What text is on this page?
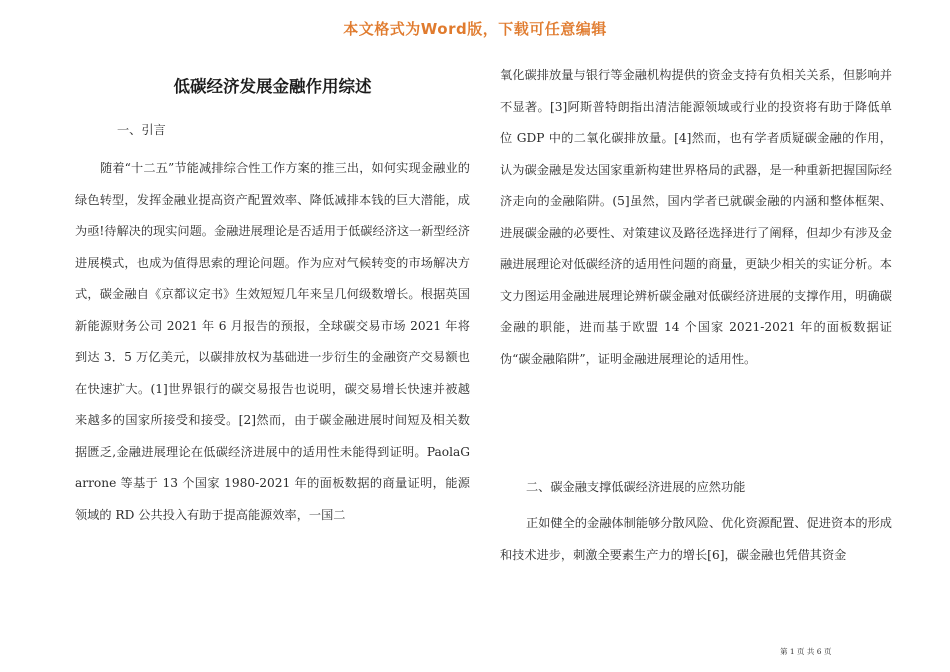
本文格式为Word版，下载可任意编辑
低碳经济发展金融作用综述
一、引言

随着“十二五”节能减排综合性工作方案的推三出，如何实现金融业的绿色转型，发挥金融业提高资产配置效率、降低减排本钱的巨大潜能，成为亟!待解决的现实问题。金融进展理论是否适用于低碳经济这一新型经济进展模式，也成为值得思索的理论问题。作为应对气候转变的市场解决方式，碳金融自《京都议定书》生效短短几年来呈几何级数增长。根据英国新能源财务公司 2021 年 6 月报告的预报，全球碳交易市场 2021 年将到达 3．5 万亿美元，以碳排放权为基础进一步衍生的金融资产交易额也在快速扩大。(1]世界银行的碳交易报告也说明，碳交易增长快速并被越来越多的国家所接受和接受。[2]然而，由于碳金融进展时间短及相关数据匮乏,金融进展理论在低碳经济进展中的适用性未能得到证明。PaolaGarrone 等基于 13 个国家 1980-2021 年的面板数据的商量证明，能源领域的 RD 公共投入有助于提高能源效率，一国二

氧化碳排放量与银行等金融机构提供的资金支持有负相关关系，但影响并不显著。[3]阿斯普特朗指出清洁能源领域或行业的投资将有助于降低单位 GDP 中的二氧化碳排放量。[4]然而，也有学者质疑碳金融的作用，认为碳金融是发达国家重新构建世界格局的武器，是一种重新把握国际经济走向的金融陷阱。(5]虽然，国内学者已就碳金融的内涵和整体框架、进展碳金融的必要性、对策建议及路径选择进行了阐释，但却少有涉及金融进展理论对低碳经济的适用性问题的商量，更缺少相关的实证分析。本文力图运用金融进展理论辨析碳金融对低碳经济进展的支撑作用，明确碳金融的职能，进而基于欧盟 14 个国家 2021-2021 年的面板数据证伪“碳金融陷阱”，证明金融进展理论的适用性。

二、碳金融支撑低碳经济进展的应然功能

正如健全的金融体制能够分散风险、优化资源配置、促进资本的形成和技术进步，刺激全要素生产力的增长[6]，碳金融也凭借其资金

第 1 页 共 6 页
